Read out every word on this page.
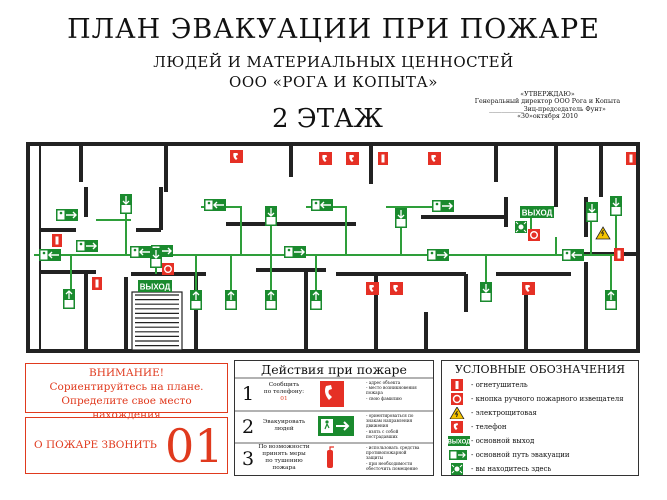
ПЛАН ЭВАКУАЦИИ ПРИ ПОЖАРЕ
ЛЮДЕЙ И МАТЕРИАЛЬНЫХ ЦЕННОСТЕЙ
ООО «РОГА И КОПЫТА»
2 ЭТАЖ
«УТВЕРЖДАЮ»
Генеральный директор ООО Рога и Копыта
___________Зиц-председатель Фунт»
«30»октября 2010
ВЫХОД
ВЫХОД
ВНИМАНИЕ!
Сориентируйтесь на плане.
Определите свое место нахождения
О ПОЖАРЕ ЗВОНИТЬ 01
Действия при пожаре
1	Сообщить
по телефону:
01
- адрес объекта
- место возникновения
пожара
- свою фамилию
2	Эвакуировать
людей
- ориентироваться по
знакам направления
движения
- взять с собой
пострадавших
3
По возможности
принять меры
по тушению
пожара
- использовать средства
противопожарной
защиты
- при необходимости
обесточить помещение
УСЛОВНЫЕ ОБОЗНАЧЕНИЯ
- огнетушитель
- кнопка ручного пожарного извещателя
- электрощитовая
- телефон
ВЫХОД - основной выход
- основной путь эвакуации
- вы находитесь здесь
